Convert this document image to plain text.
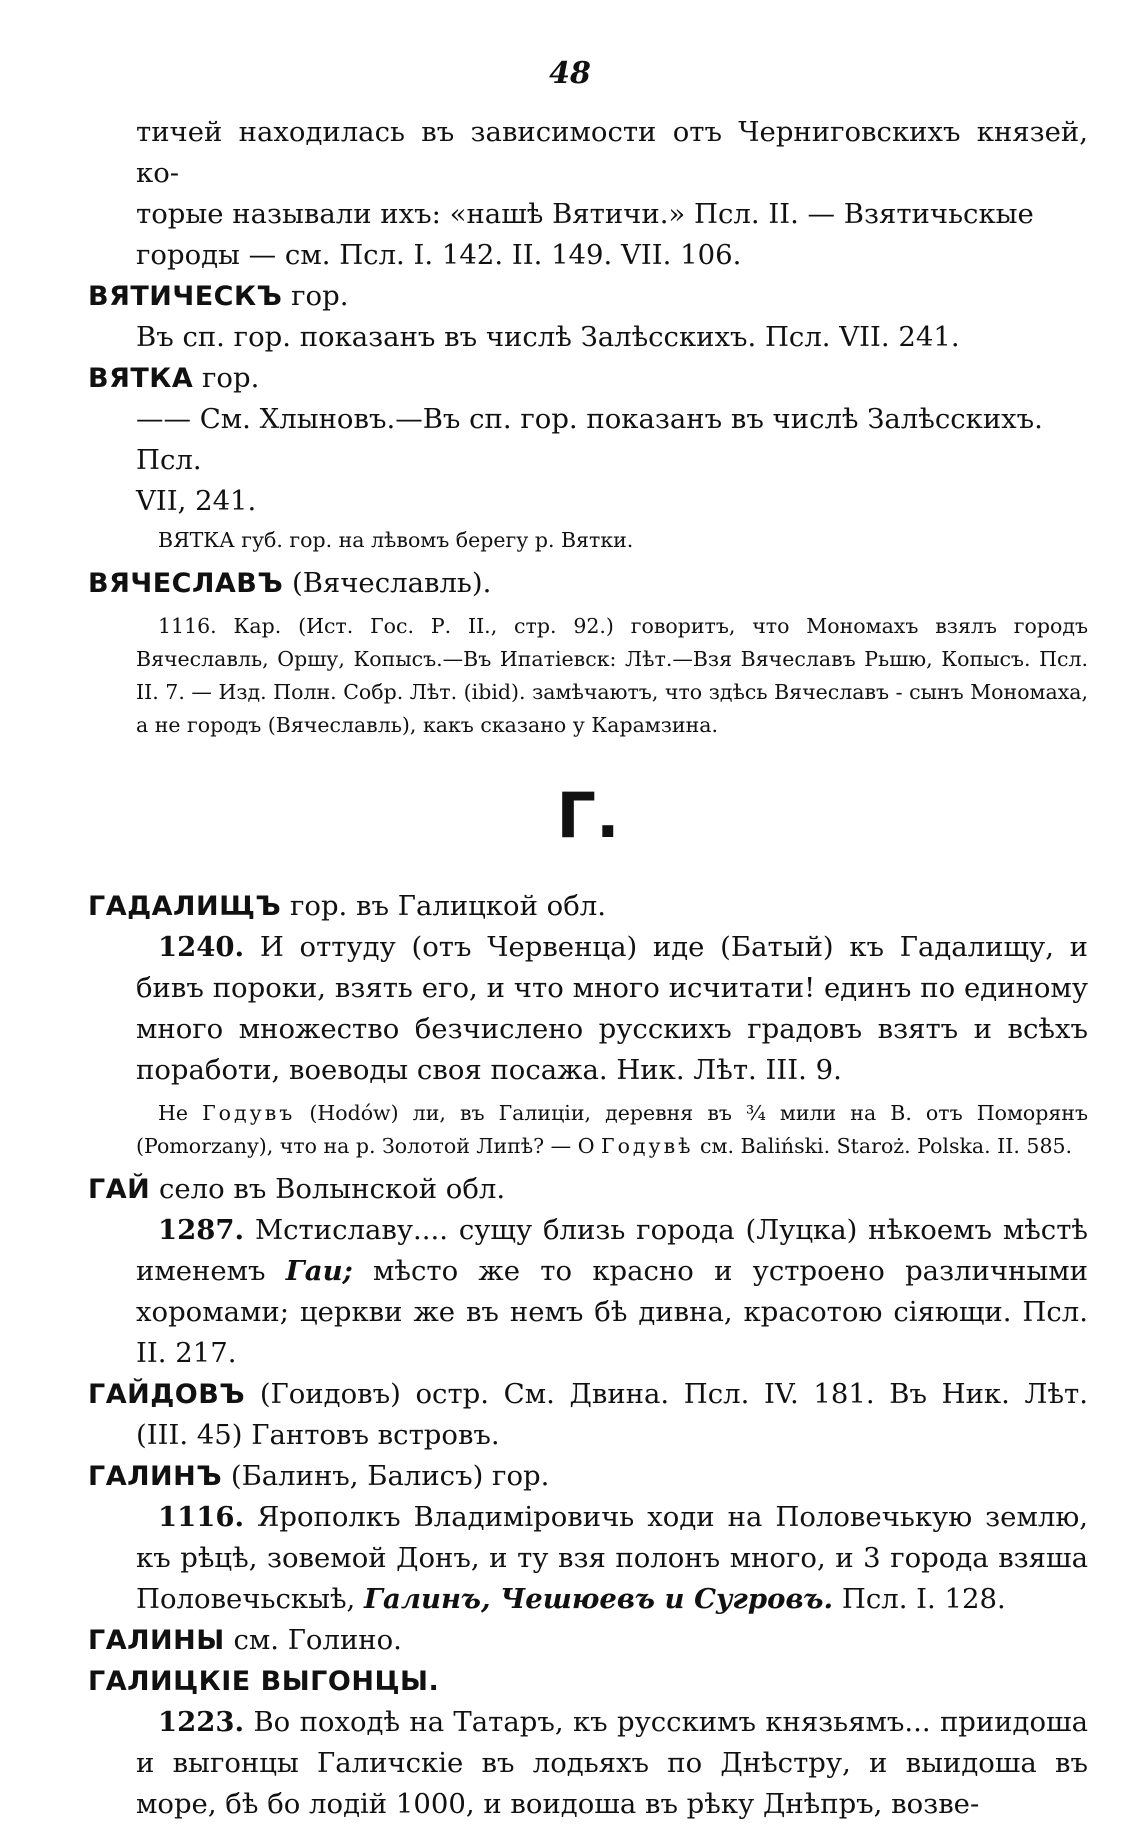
48
тичей находилась въ зависимости отъ Черниговскихъ князей, ко-
торые называли ихъ: «нашѣ Вятичи.» Псл. II. — Взятичьскые
городы — см. Псл. I. 142. II. 149. VII. 106.
ВЯТИЧЕСКЪ гор.
Въ сп. гор. показанъ въ числѣ Залѣсскихъ. Псл. VII. 241.
ВЯТКА гор.
—— См. Хлыновъ.—Въ сп. гор. показанъ въ числѣ Залѣсскихъ. Псл.
VII, 241.
ВЯТКА губ. гор. на лѣвомъ берегу р. Вятки.
ВЯЧЕСЛАВЪ (Вячеславль).
1116. Кар. (Ист. Гос. Р. II., стр. 92.) говоритъ, что Мономахъ взялъ городъ Вячеславль, Оршу, Копысъ.—Въ Ипатіевск: Лѣт.—Взя Вячеславъ Рьшю, Копысъ. Псл. II. 7. — Изд. Полн. Собр. Лѣт. (ibid). замѣчаютъ, что здѣсь Вячеславъ - сынъ Мономаха, а не городъ (Вячеславль), какъ сказано у Карамзина.
Г.
ГАДАЛИЩЪ гор. въ Галицкой обл.
1240. И оттуду (отъ Червенца) иде (Батый) къ Гадалищу, и бивъ пороки, взять его, и что много исчитати! единъ по единому много множество безчислено русскихъ градовъ взятъ и всѣхъ поработи, воеводы своя посажа. Ник. Лѣт. III. 9.
Не Годувъ (Hodów) ли, въ Галиціи, деревня въ ¾ мили на В. отъ Поморянъ (Pomorzany), что на р. Золотой Липѣ? — О Годувѣ см. Baliński. Staroż. Polska. II. 585.
ГАЙ село въ Волынской обл.
1287. Мстиславу.... сущу близь города (Луцка) нѣкоемъ мѣстѣ именемъ Гаи; мѣсто же то красно и устроено различными хоромами; церкви же въ немъ бѣ дивна, красотою сіяющи. Псл. II. 217.
ГАЙДОВЪ (Гоидовъ) остр. См. Двина. Псл. IV. 181. Въ Ник. Лѣт. (III. 45) Гантовъ встровъ.
ГАЛИНЪ (Балинъ, Балисъ) гор.
1116. Ярополкъ Владиміровичь ходи на Половечькую землю, къ рѣцѣ, зовемой Донъ, и ту взя полонъ много, и 3 города взяша Половечьскыѣ, Галинъ, Чешюевъ и Сугровъ. Псл. I. 128.
ГАЛИНЫ см. Голино.
ГАЛИЦКІЕ ВЫГОНЦЫ.
1223. Во походѣ на Татаръ, къ русскимъ князьямъ... приидоша и выгонцы Галичскіе въ лодьяхъ по Днѣстру, и выидоша въ море, бѣ бо лодій 1000, и воидоша въ рѣку Днѣпръ, возве-
